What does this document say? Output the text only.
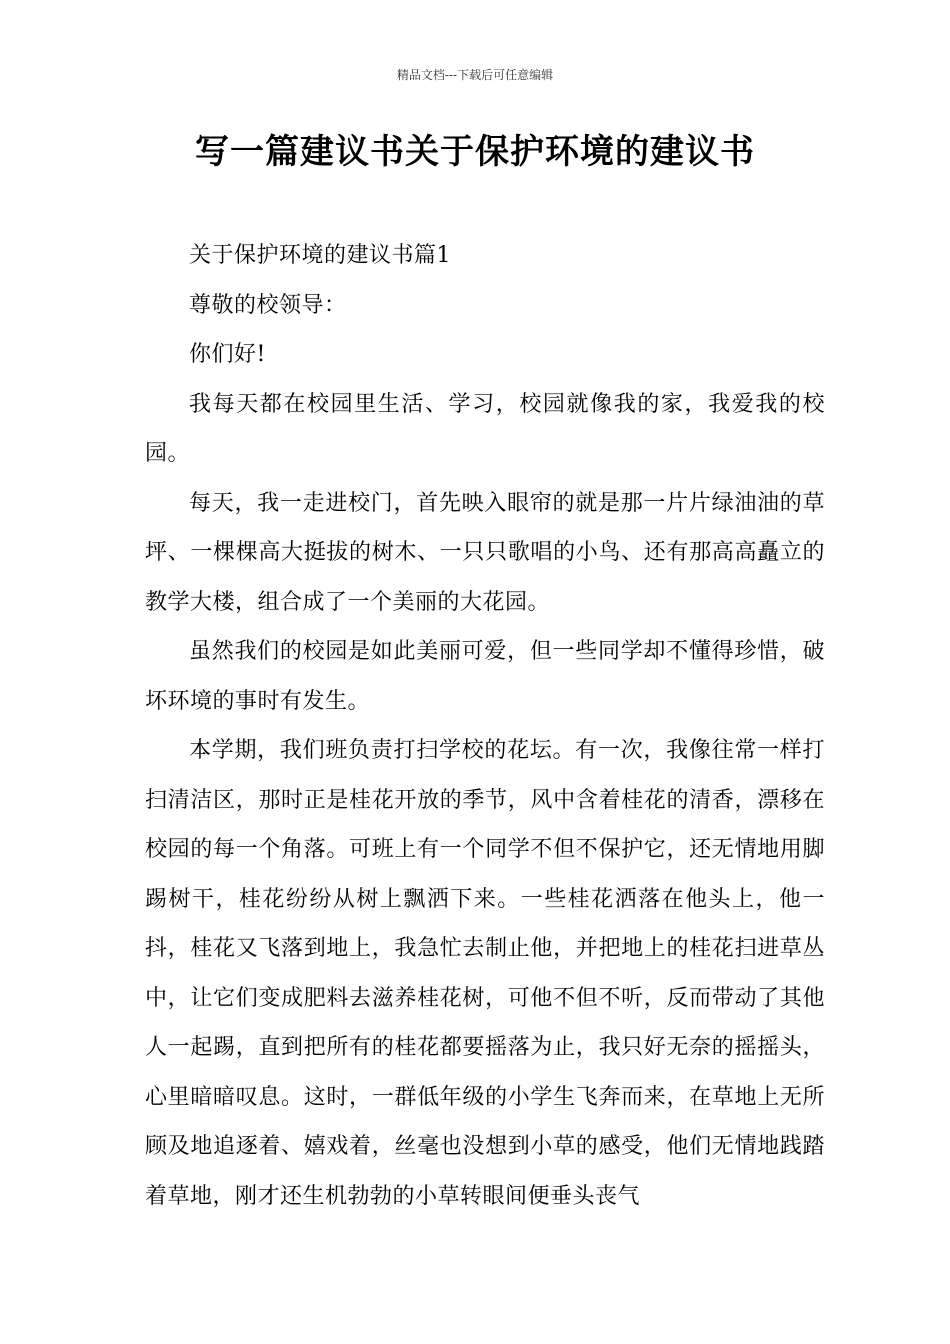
精品文档---下载后可任意编辑
写一篇建议书关于保护环境的建议书

关于保护环境的建议书篇1

尊敬的校领导：

你们好!

我每天都在校园里生活、学习，校园就像我的家，我爱我的校园。

每天，我一走进校门，首先映入眼帘的就是那一片片绿油油的草坪、一棵棵高大挺拔的树木、一只只歌唱的小鸟、还有那高高矗立的教学大楼，组合成了一个美丽的大花园。

虽然我们的校园是如此美丽可爱，但一些同学却不懂得珍惜，破坏环境的事时有发生。

本学期，我们班负责打扫学校的花坛。有一次，我像往常一样打扫清洁区，那时正是桂花开放的季节，风中含着桂花的清香，漂移在校园的每一个角落。可班上有一个同学不但不保护它，还无情地用脚踢树干，桂花纷纷从树上飘洒下来。一些桂花洒落在他头上，他一抖，桂花又飞落到地上，我急忙去制止他，并把地上的桂花扫进草丛中，让它们变成肥料去滋养桂花树，可他不但不听，反而带动了其他人一起踢，直到把所有的桂花都要摇落为止，我只好无奈的摇摇头，心里暗暗叹息。这时，一群低年级的小学生飞奔而来，在草地上无所顾及地追逐着、嬉戏着，丝毫也没想到小草的感受，他们无情地践踏着草地，刚才还生机勃勃的小草转眼间便垂头丧气
